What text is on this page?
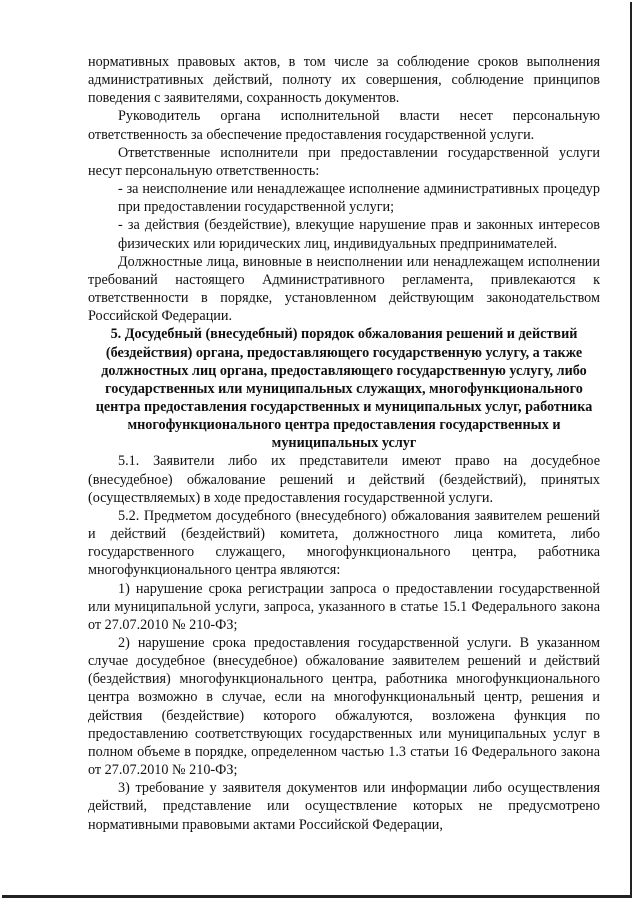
нормативных правовых актов, в том числе за соблюдение сроков выполнения административных действий, полноту их совершения, соблюдение принципов поведения с заявителями, сохранность документов.

Руководитель органа исполнительной власти несет персональную ответственность за обеспечение предоставления государственной услуги.

Ответственные исполнители при предоставлении государственной услуги несут персональную ответственность:

- за неисполнение или ненадлежащее исполнение административных процедур при предоставлении государственной услуги;

- за действия (бездействие), влекущие нарушение прав и законных интересов физических или юридических лиц, индивидуальных предпринимателей.

Должностные лица, виновные в неисполнении или ненадлежащем исполнении требований настоящего Административного регламента, привлекаются к ответственности в порядке, установленном действующим законодательством Российской Федерации.

5. Досудебный (внесудебный) порядок обжалования решений и действий (бездействия) органа, предоставляющего государственную услугу, а также должностных лиц органа, предоставляющего государственную услугу, либо государственных или муниципальных служащих, многофункционального центра предоставления государственных и муниципальных услуг, работника многофункционального центра предоставления государственных и муниципальных услуг

5.1. Заявители либо их представители имеют право на досудебное (внесудебное) обжалование решений и действий (бездействий), принятых (осуществляемых) в ходе предоставления государственной услуги.

5.2. Предметом досудебного (внесудебного) обжалования заявителем решений и действий (бездействий) комитета, должностного лица комитета, либо государственного служащего, многофункционального центра, работника многофункционального центра являются:

1) нарушение срока регистрации запроса о предоставлении государственной или муниципальной услуги, запроса, указанного в статье 15.1 Федерального закона от 27.07.2010 № 210-ФЗ;

2) нарушение срока предоставления государственной услуги. В указанном случае досудебное (внесудебное) обжалование заявителем решений и действий (бездействия) многофункционального центра, работника многофункционального центра возможно в случае, если на многофункциональный центр, решения и действия (бездействие) которого обжалуются, возложена функция по предоставлению соответствующих государственных или муниципальных услуг в полном объеме в порядке, определенном частью 1.3 статьи 16 Федерального закона от 27.07.2010 № 210-ФЗ;

3) требование у заявителя документов или информации либо осуществления действий, представление или осуществление которых не предусмотрено нормативными правовыми актами Российской Федерации,
